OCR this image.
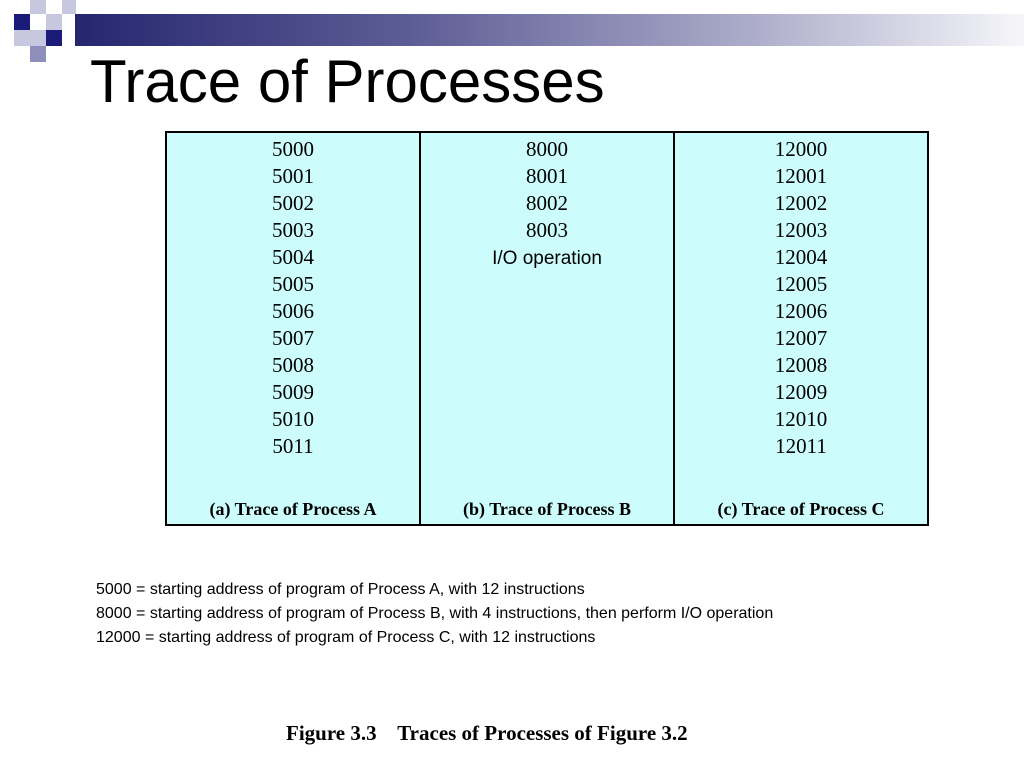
Trace of Processes
5000
5001
5002
5003
5004
5005
5006
5007
5008
5009
5010
5011
(a) Trace of Process A
8000
8001
8002
8003
I/O operation
(b) Trace of Process B
12000
12001
12002
12003
12004
12005
12006
12007
12008
12009
12010
12011
(c) Trace of Process C
5000 = starting address of program of Process A, with 12 instructions
8000 = starting address of program of Process B, with 4 instructions, then perform I/O operation
12000 = starting address of program of Process C, with 12 instructions
Figure 3.3    Traces of Processes of Figure 3.2
